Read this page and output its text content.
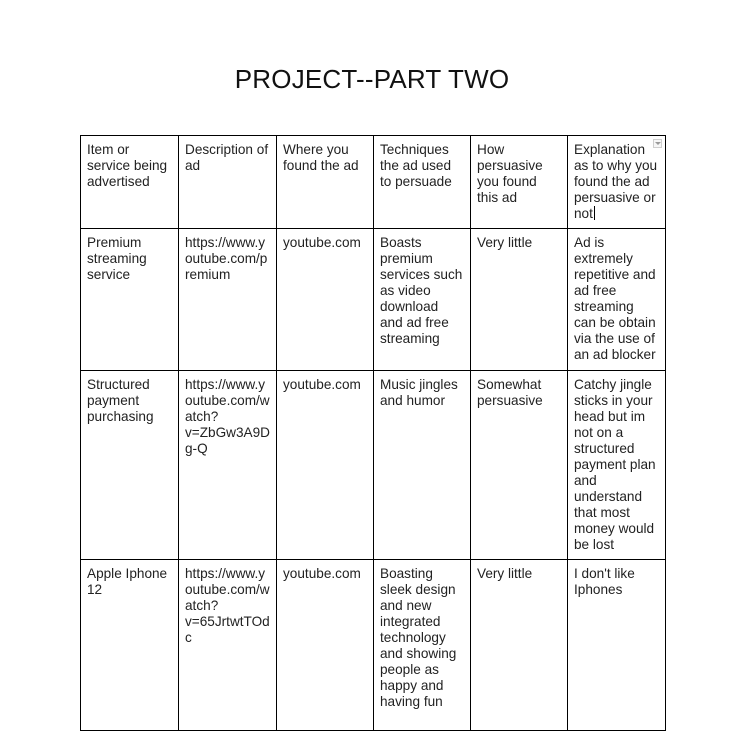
PROJECT--PART TWO
Item or service being advertised	Description of ad	Where you found the ad	Techniques the ad used to persuade	How persuasive you found this ad	Explanation as to why you found the ad persuasive or not
Premium streaming service	https://www.youtube.com/premium	youtube.com	Boasts premium services such as video download and ad free streaming	Very little	Ad is extremely repetitive and ad free streaming can be obtain via the use of an ad blocker
Structured payment purchasing	https://www.youtube.com/watch?v=ZbGw3A9Dg-Q	youtube.com	Music jingles and humor	Somewhat persuasive	Catchy jingle sticks in your head but im not on a structured payment plan and understand that most money would be lost
Apple Iphone 12	https://www.youtube.com/watch?v=65JrtwtTOdc	youtube.com	Boasting sleek design and new integrated technology and showing people as happy and having fun	Very little	I don't like Iphones
